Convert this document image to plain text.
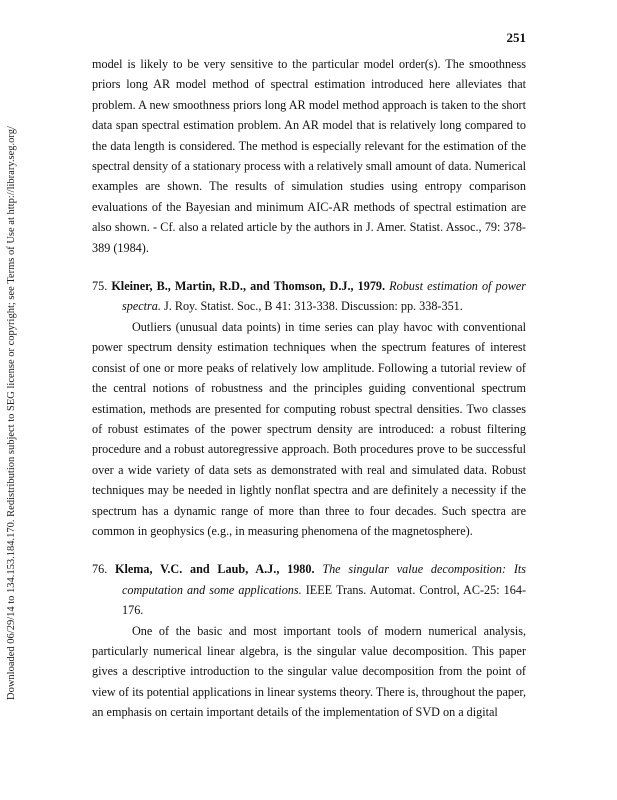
Downloaded 06/29/14 to 134.153.184.170. Redistribution subject to SEG license or copyright; see Terms of Use at http://library.seg.org/
251

model is likely to be very sensitive to the particular model order(s). The smoothness priors long AR model method of spectral estimation introduced here alleviates that problem. A new smoothness priors long AR model method approach is taken to the short data span spectral estimation problem. An AR model that is relatively long compared to the data length is considered. The method is especially relevant for the estimation of the spectral density of a stationary process with a relatively small amount of data. Numerical examples are shown. The results of simulation studies using entropy comparison evaluations of the Bayesian and minimum AIC-AR methods of spectral estimation are also shown. - Cf. also a related article by the authors in J. Amer. Statist. Assoc., 79: 378-389 (1984).

75. Kleiner, B., Martin, R.D., and Thomson, D.J., 1979. Robust estimation of power spectra. J. Roy. Statist. Soc., B 41: 313-338. Discussion: pp. 338-351.

Outliers (unusual data points) in time series can play havoc with conventional power spectrum density estimation techniques when the spectrum features of interest consist of one or more peaks of relatively low amplitude. Following a tutorial review of the central notions of robustness and the principles guiding conventional spectrum estimation, methods are presented for computing robust spectral densities. Two classes of robust estimates of the power spectrum density are introduced: a robust filtering procedure and a robust autoregressive approach. Both procedures prove to be successful over a wide variety of data sets as demonstrated with real and simulated data. Robust techniques may be needed in lightly nonflat spectra and are definitely a necessity if the spectrum has a dynamic range of more than three to four decades. Such spectra are common in geophysics (e.g., in measuring phenomena of the magnetosphere).

76. Klema, V.C. and Laub, A.J., 1980. The singular value decomposition: Its computation and some applications. IEEE Trans. Automat. Control, AC-25: 164-176.

One of the basic and most important tools of modern numerical analysis, particularly numerical linear algebra, is the singular value decomposition. This paper gives a descriptive introduction to the singular value decomposition from the point of view of its potential applications in linear systems theory. There is, throughout the paper, an emphasis on certain important details of the implementation of SVD on a digital
